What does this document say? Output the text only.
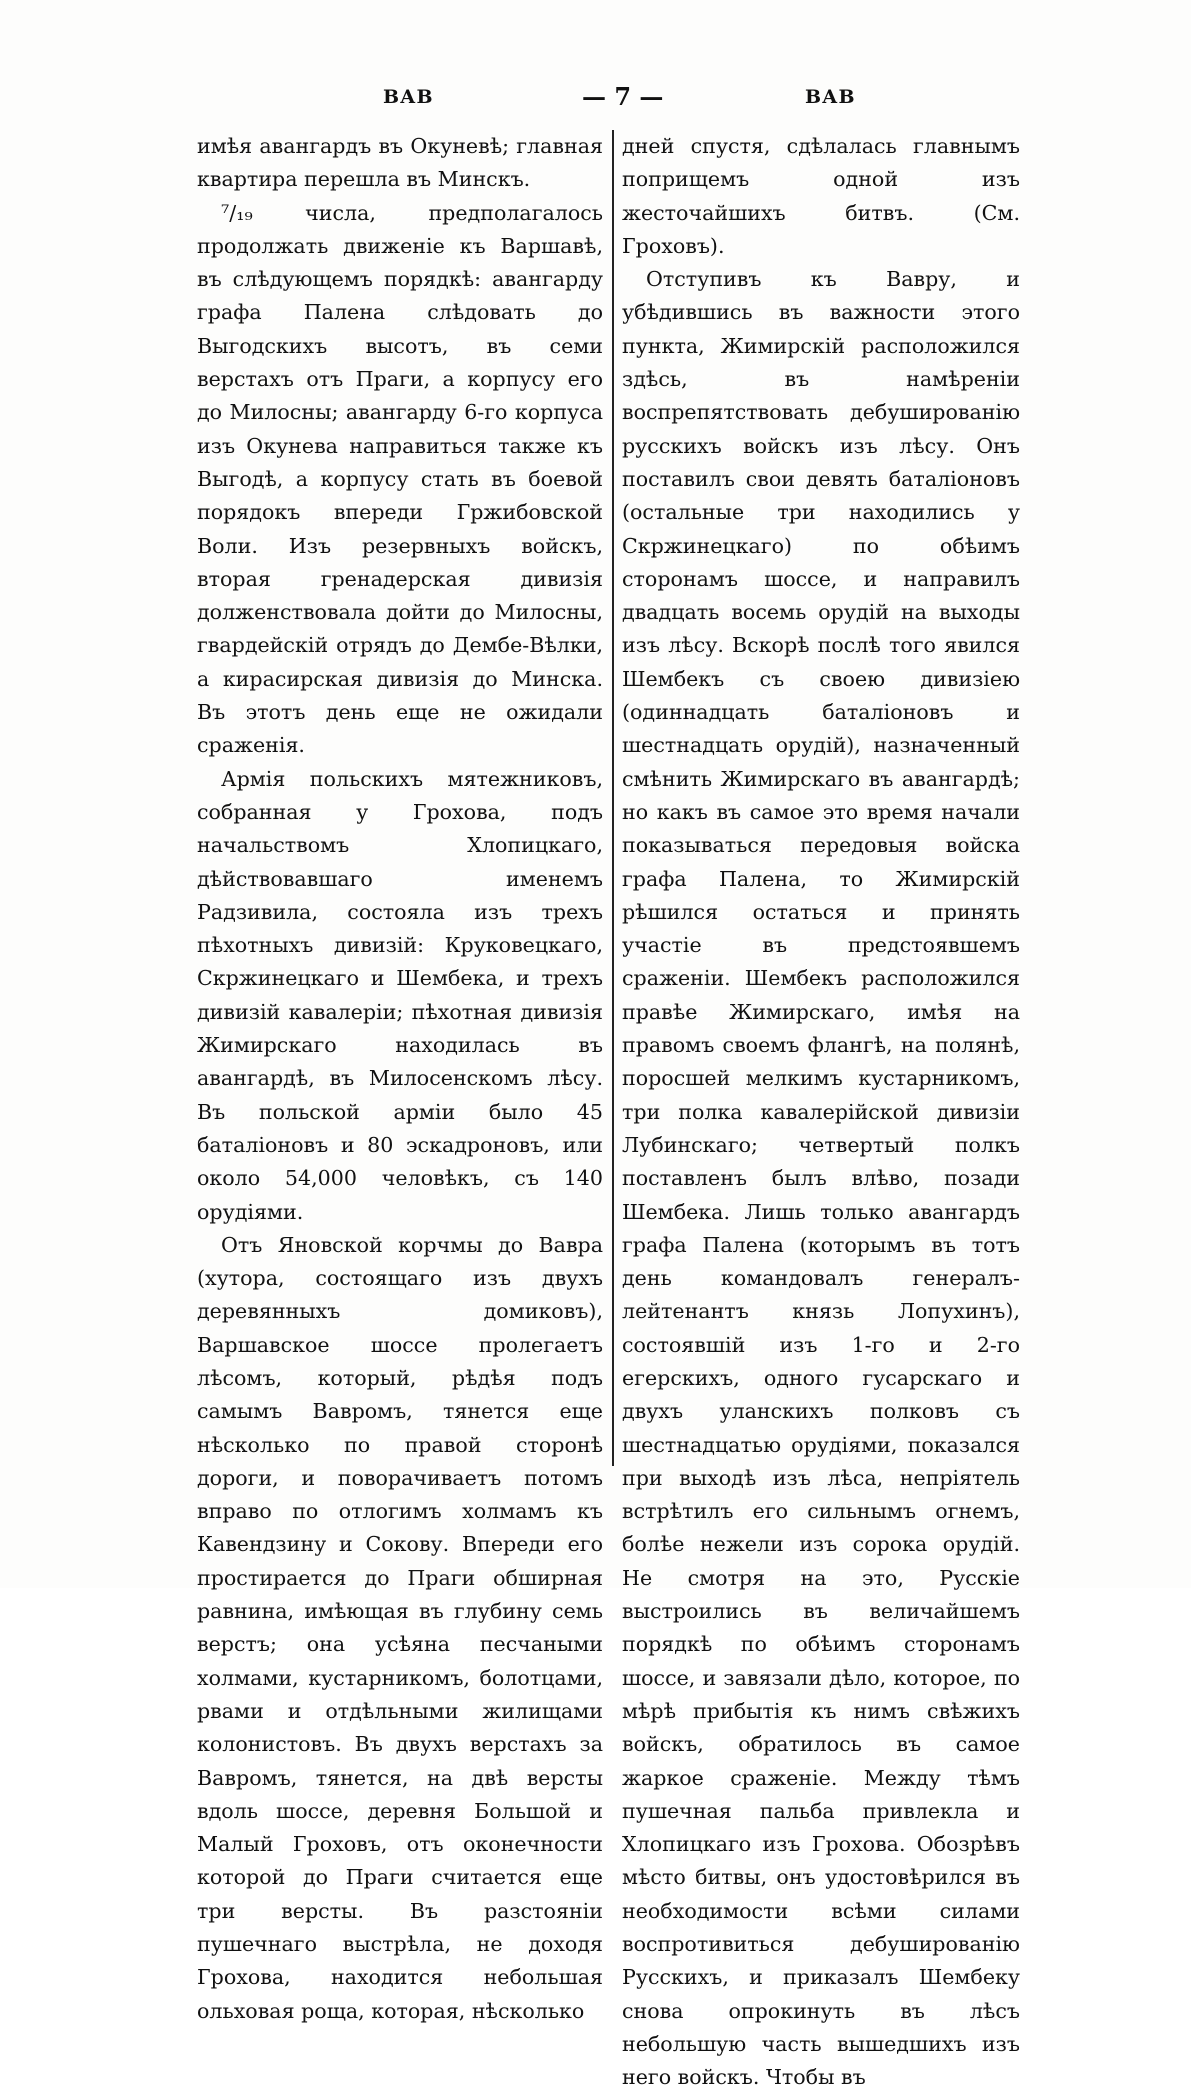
ВАВ	— 7 —	ВАВ

имѣя авангардъ въ Окуневѣ; главная квартира перешла въ Минскъ.

⁷/₁₉ числа, предполагалось продолжать движеніе къ Варшавѣ, въ слѣдующемъ порядкѣ: авангарду графа Палена слѣдовать до Выгодскихъ высотъ, въ семи верстахъ отъ Праги, а корпусу его до Милосны; авангарду 6-го корпуса изъ Окунева направиться также къ Выгодѣ, а корпусу стать въ боевой порядокъ впереди Гржибовской Воли. Изъ резервныхъ войскъ, вторая гренадерская дивизія долженствовала дойти до Милосны, гвардейскій отрядъ до Дембе-Вѣлки, а кирасирская дивизія до Минска. Въ этотъ день еще не ожидали сраженія.

Армія польскихъ мятежниковъ, собранная у Грохова, подъ начальствомъ Хлопицкаго, дѣйствовавшаго именемъ Радзивила, состояла изъ трехъ пѣхотныхъ дивизій: Круковецкаго, Скржинецкаго и Шембека, и трехъ дивизій кавалеріи; пѣхотная дивизія Жимирскаго находилась въ авангардѣ, въ Милосенскомъ лѣсу. Въ польской арміи было 45 баталіоновъ и 80 эскадроновъ, или около 54,000 человѣкъ, съ 140 орудіями.

Отъ Яновской корчмы до Вавра (хутора, состоящаго изъ двухъ деревянныхъ домиковъ), Варшавское шоссе пролегаетъ лѣсомъ, который, рѣдѣя подъ самымъ Вавромъ, тянется еще нѣсколько по правой сторонѣ дороги, и поворачиваетъ потомъ вправо по отлогимъ холмамъ къ Кавендзину и Сокову. Впереди его простирается до Праги обширная равнина, имѣющая въ глубину семь верстъ; она усѣяна песчаными холмами, кустарникомъ, болотцами, рвами и отдѣльными жилищами колонистовъ. Въ двухъ верстахъ за Вавромъ, тянется, на двѣ версты вдоль шоссе, деревня Большой и Малый Гроховъ, отъ оконечности которой до Праги считается еще три версты. Въ разстояніи пушечнаго выстрѣла, не доходя Грохова, находится небольшая ольховая роща, которая, нѣсколько

дней спустя, сдѣлалась главнымъ поприщемъ одной изъ жесточайшихъ битвъ. (См. Гроховъ).

Отступивъ къ Вавру, и убѣдившись въ важности этого пункта, Жимирскій расположился здѣсь, въ намѣреніи воспрепятствовать дебушированію русскихъ войскъ изъ лѣсу. Онъ поставилъ свои девять баталіоновъ (остальные три находились у Скржинецкаго) по обѣимъ сторонамъ шоссе, и направилъ двадцать восемь орудій на выходы изъ лѣсу. Вскорѣ послѣ того явился Шембекъ съ своею дивизіею (одиннадцать баталіоновъ и шестнадцать орудій), назначенный смѣнить Жимирскаго въ авангардѣ; но какъ въ самое это время начали показываться передовыя войска графа Палена, то Жимирскій рѣшился остаться и принять участіе въ предстоявшемъ сраженіи. Шембекъ расположился правѣе Жимирскаго, имѣя на правомъ своемъ флангѣ, на полянѣ, поросшей мелкимъ кустарникомъ, три полка кавалерійской дивизіи Лубинскаго; четвертый полкъ поставленъ былъ влѣво, позади Шембека. Лишь только авангардъ графа Палена (которымъ въ тотъ день командовалъ генералъ-лейтенантъ князь Лопухинъ), состоявшій изъ 1-го и 2-го егерскихъ, одного гусарскаго и двухъ уланскихъ полковъ съ шестнадцатью орудіями, показался при выходѣ изъ лѣса, непріятель встрѣтилъ его сильнымъ огнемъ, болѣе нежели изъ сорока орудій. Не смотря на это, Русскіе выстроились въ величайшемъ порядкѣ по обѣимъ сторонамъ шоссе, и завязали дѣло, которое, по мѣрѣ прибытія къ нимъ свѣжихъ войскъ, обратилось въ самое жаркое сраженіе. Между тѣмъ пушечная пальба привлекла и Хлопицкаго изъ Грохова. Обозрѣвъ мѣсто битвы, онъ удостовѣрился въ необходимости всѣми силами воспротивиться дебушированію Русскихъ, и приказалъ Шембеку снова опрокинуть въ лѣсъ небольшую часть вышедшихъ изъ него войскъ. Чтобы въ
